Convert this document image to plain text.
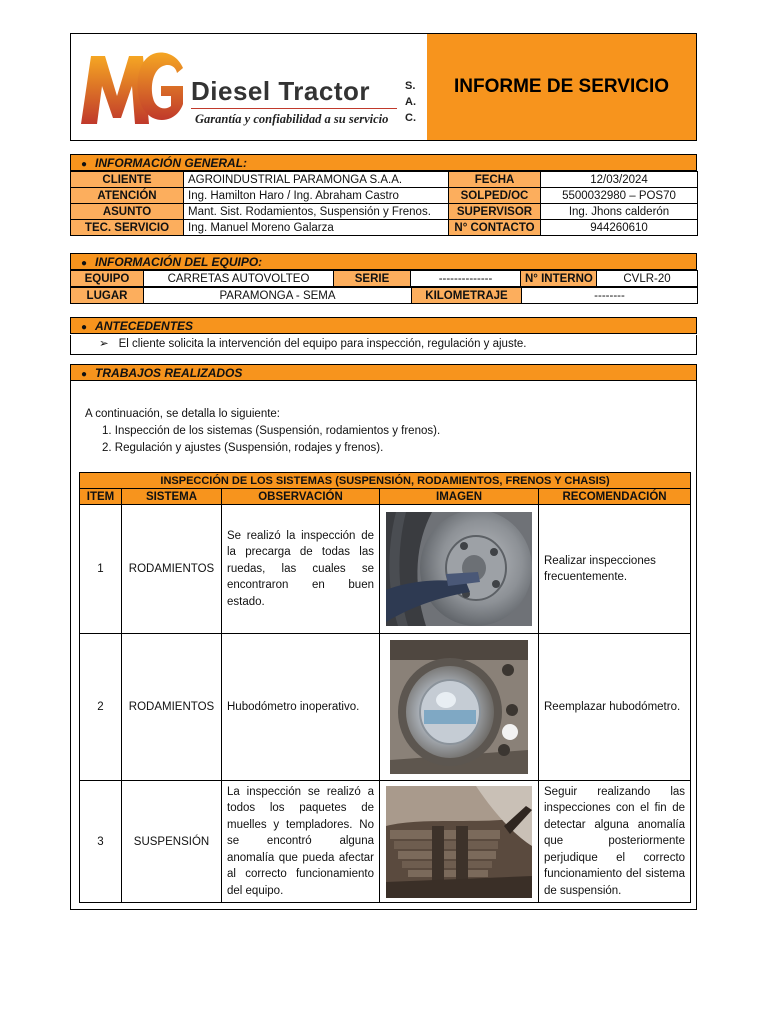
Diesel Tractor	S.
A.
C.
Garantía y confiabilidad a su servicio
INFORME DE SERVICIO
● INFORMACIÓN GENERAL:
CLIENTE	AGROINDUSTRIAL PARAMONGA S.A.A.	FECHA	12/03/2024
ATENCIÓN	Ing. Hamilton Haro / Ing. Abraham Castro	SOLPED/OC	5500032980 – POS70
ASUNTO	Mant. Sist. Rodamientos, Suspensión y Frenos.	SUPERVISOR	Ing. Jhons calderón
TEC. SERVICIO	Ing. Manuel Moreno Galarza	N° CONTACTO	944260610
● INFORMACIÓN DEL EQUIPO:
EQUIPO	CARRETAS AUTOVOLTEO	SERIE	--------------	N° INTERNO	CVLR-20
LUGAR	PARAMONGA - SEMA	KILOMETRAJE	--------
● ANTECEDENTES
➢ El cliente solicita la intervención del equipo para inspección, regulación y ajuste.
● TRABAJOS REALIZADOS
A continuación, se detalla lo siguiente:
1. Inspección de los sistemas (Suspensión, rodamientos y frenos).
2. Regulación y ajustes (Suspensión, rodajes y frenos).
INSPECCIÓN DE LOS SISTEMAS (SUSPENSIÓN, RODAMIENTOS, FRENOS Y CHASIS)				
ITEM	SISTEMA	OBSERVACIÓN	IMAGEN	RECOMENDACIÓN
1	RODAMIENTOS	Se realizó la inspección de la precarga de todas las ruedas, las cuales se encontraron en buen estado.		Realizar inspecciones frecuentemente.
2	RODAMIENTOS	Hubodómetro inoperativo.		Reemplazar hubodómetro.
3	SUSPENSIÓN	La inspección se realizó a todos los paquetes de muelles y templadores. No se encontró alguna anomalía que pueda afectar al correcto funcionamiento del equipo.		Seguir realizando las inspecciones con el fin de detectar alguna anomalía que posteriormente perjudique el correcto funcionamiento del sistema de suspensión.
